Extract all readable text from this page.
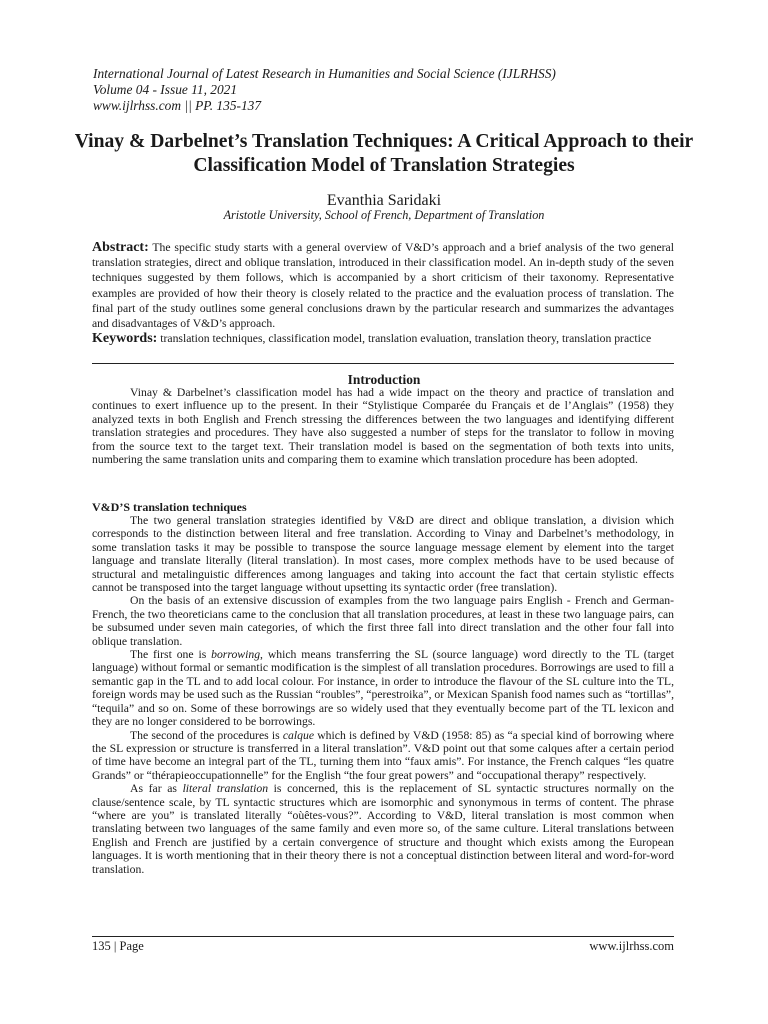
International Journal of Latest Research in Humanities and Social Science (IJLRHSS)
Volume 04 - Issue 11, 2021
www.ijlrhss.com || PP. 135-137
Vinay & Darbelnet’s Translation Techniques: A Critical Approach to their Classification Model of Translation Strategies
Evanthia Saridaki
Aristotle University, School of French, Department of Translation

Abstract: The specific study starts with a general overview of V&D’s approach and a brief analysis of the two general translation strategies, direct and oblique translation, introduced in their classification model. An in-depth study of the seven techniques suggested by them follows, which is accompanied by a short criticism of their taxonomy. Representative examples are provided of how their theory is closely related to the practice and the evaluation process of translation. The final part of the study outlines some general conclusions drawn by the particular research and summarizes the advantages and disadvantages of V&D’s approach.

Keywords: translation techniques, classification model, translation evaluation, translation theory, translation practice

Introduction

Vinay & Darbelnet’s classification model has had a wide impact on the theory and practice of translation and continues to exert influence up to the present. In their “Stylistique Comparée du Français et de l’Anglais” (1958) they analyzed texts in both English and French stressing the differences between the two languages and identifying different translation strategies and procedures. They have also suggested a number of steps for the translator to follow in moving from the source text to the target text. Their translation model is based on the segmentation of both texts into units, numbering the same translation units and comparing them to examine which translation procedure has been adopted.

V&D’S translation techniques

The two general translation strategies identified by V&D are direct and oblique translation, a division which corresponds to the distinction between literal and free translation. According to Vinay and Darbelnet’s methodology, in some translation tasks it may be possible to transpose the source language message element by element into the target language and translate literally (literal translation). In most cases, more complex methods have to be used because of structural and metalinguistic differences among languages and taking into account the fact that certain stylistic effects cannot be transposed into the target language without upsetting its syntactic order (free translation).

On the basis of an extensive discussion of examples from the two language pairs English - French and German-French, the two theoreticians came to the conclusion that all translation procedures, at least in these two language pairs, can be subsumed under seven main categories, of which the first three fall into direct translation and the other four fall into oblique translation.

The first one is borrowing, which means transferring the SL (source language) word directly to the TL (target language) without formal or semantic modification is the simplest of all translation procedures. Borrowings are used to fill a semantic gap in the TL and to add local colour. For instance, in order to introduce the flavour of the SL culture into the TL, foreign words may be used such as the Russian “roubles”, “perestroika”, or Mexican Spanish food names such as “tortillas”, “tequila” and so on. Some of these borrowings are so widely used that they eventually become part of the TL lexicon and they are no longer considered to be borrowings.

The second of the procedures is calque which is defined by V&D (1958: 85) as “a special kind of borrowing where the SL expression or structure is transferred in a literal translation”. V&D point out that some calques after a certain period of time have become an integral part of the TL, turning them into “faux amis”. For instance, the French calques “les quatre Grands” or “thérapieoccupationnelle” for the English “the four great powers” and “occupational therapy” respectively.

As far as literal translation is concerned, this is the replacement of SL syntactic structures normally on the clause/sentence scale, by TL syntactic structures which are isomorphic and synonymous in terms of content. The phrase “where are you” is translated literally “oùêtes-vous?”. According to V&D, literal translation is most common when translating between two languages of the same family and even more so, of the same culture. Literal translations between English and French are justified by a certain convergence of structure and thought which exists among the European languages. It is worth mentioning that in their theory there is not a conceptual distinction between literal and word-for-word translation.

135 | Page	www.ijlrhss.com
